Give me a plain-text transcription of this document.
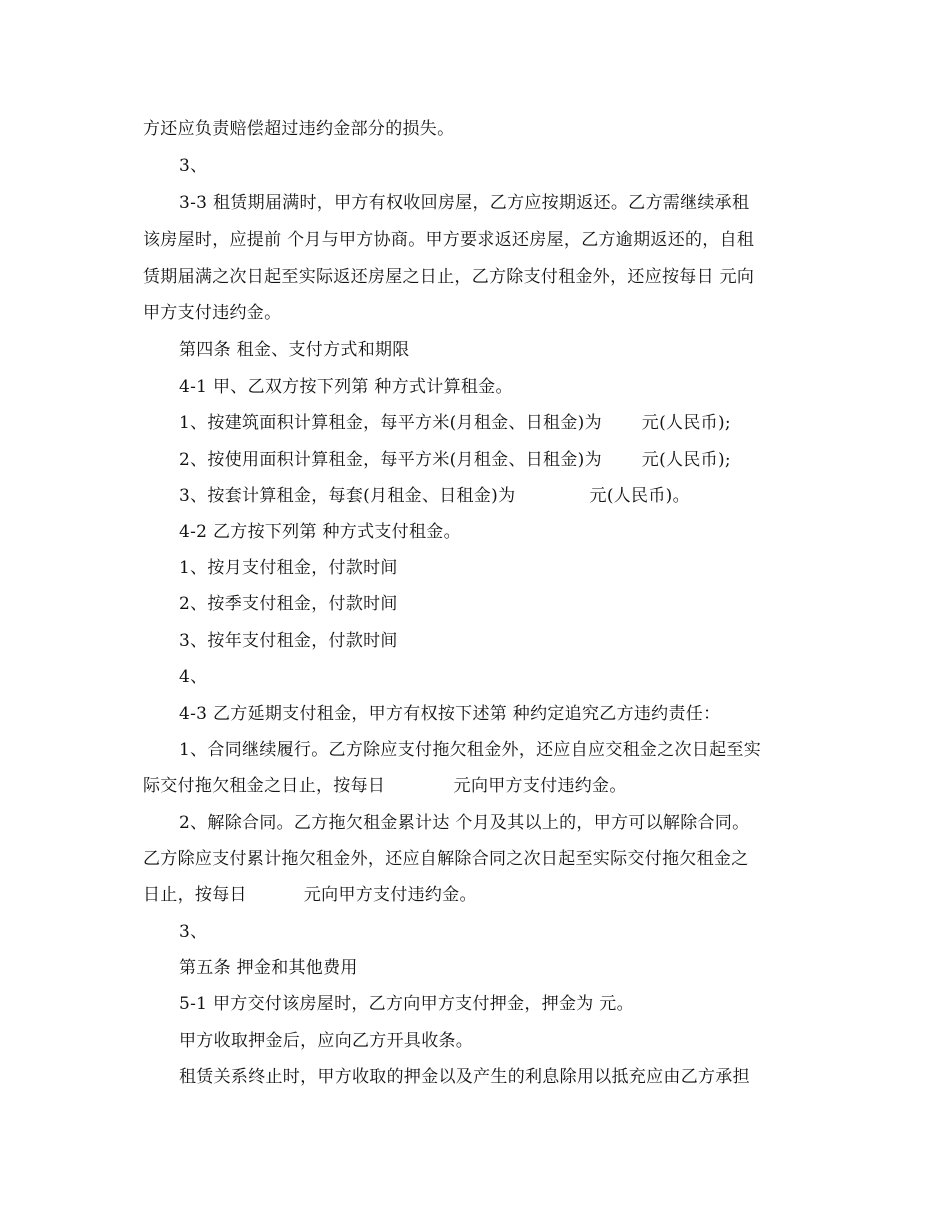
方还应负责赔偿超过违约金部分的损失。
3、
3-3 租赁期届满时，甲方有权收回房屋，乙方应按期返还。乙方需继续承租
该房屋时，应提前 个月与甲方协商。甲方要求返还房屋，乙方逾期返还的，自租
赁期届满之次日起至实际返还房屋之日止，乙方除支付租金外，还应按每日 元向
甲方支付违约金。
第四条 租金、支付方式和期限
4-1 甲、乙双方按下列第 种方式计算租金。
1、按建筑面积计算租金，每平方米(月租金、日租金)为       元(人民币);
2、按使用面积计算租金，每平方米(月租金、日租金)为       元(人民币);
3、按套计算租金，每套(月租金、日租金)为             元(人民币)。
4-2 乙方按下列第 种方式支付租金。
1、按月支付租金，付款时间
2、按季支付租金，付款时间
3、按年支付租金，付款时间
4、
4-3 乙方延期支付租金，甲方有权按下述第 种约定追究乙方违约责任：
1、合同继续履行。乙方除应支付拖欠租金外，还应自应交租金之次日起至实
际交付拖欠租金之日止，按每日            元向甲方支付违约金。
2、解除合同。乙方拖欠租金累计达 个月及其以上的，甲方可以解除合同。
乙方除应支付累计拖欠租金外，还应自解除合同之次日起至实际交付拖欠租金之
日止，按每日          元向甲方支付违约金。
3、
第五条 押金和其他费用
5-1 甲方交付该房屋时，乙方向甲方支付押金，押金为 元。
甲方收取押金后，应向乙方开具收条。
租赁关系终止时，甲方收取的押金以及产生的利息除用以抵充应由乙方承担
